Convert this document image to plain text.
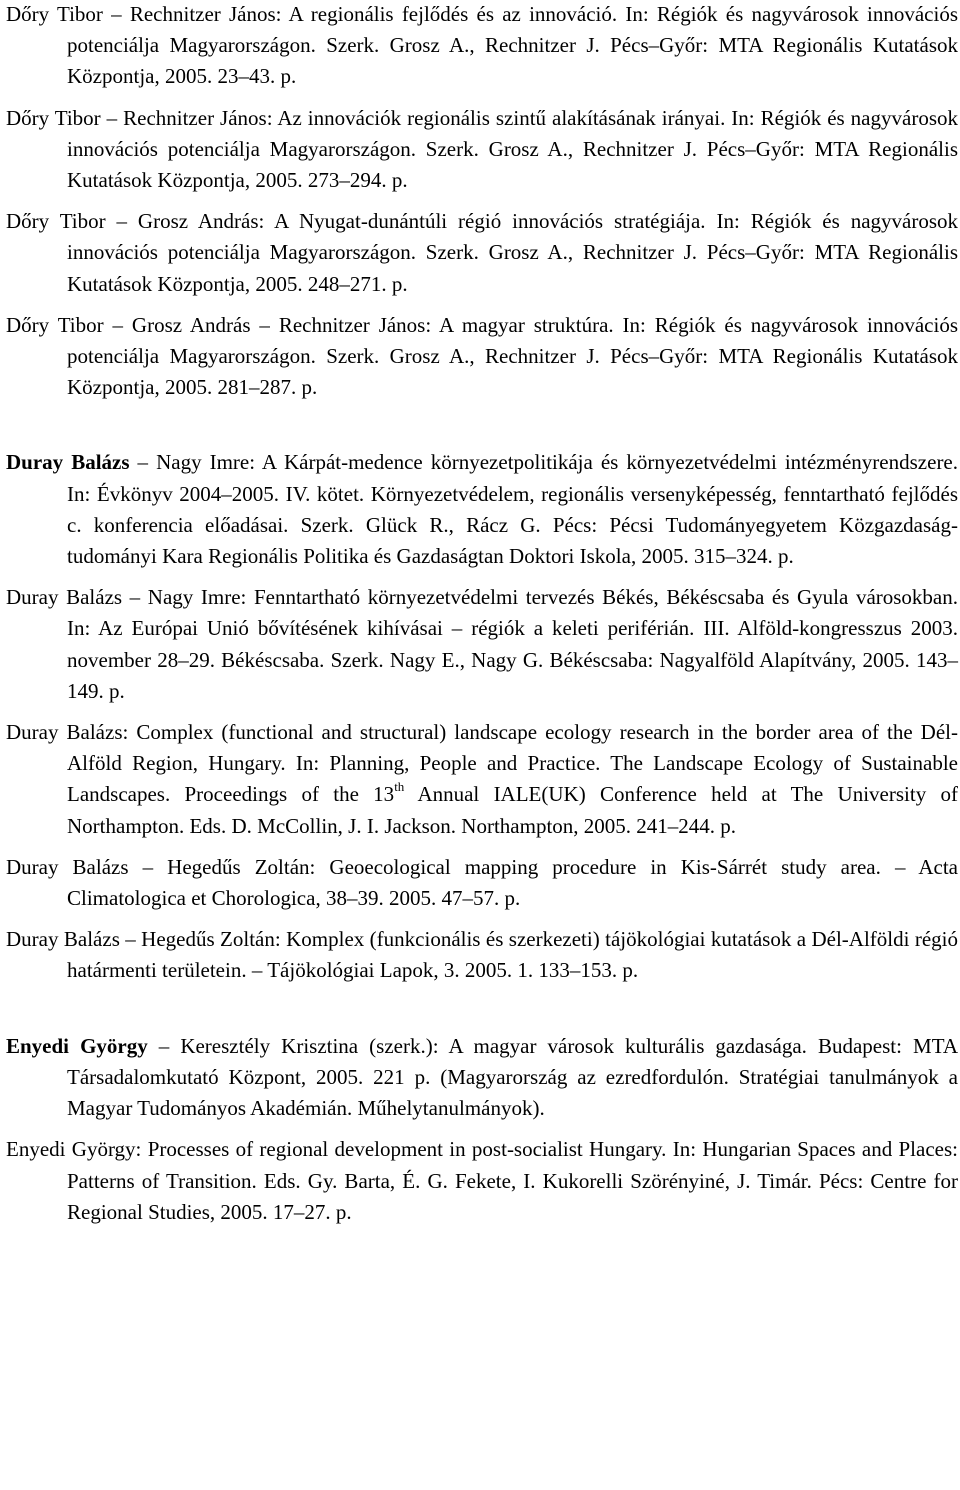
Dőry Tibor – Rechnitzer János: A regionális fejlődés és az innováció. In: Régiók és nagyvárosok innovációs potenciálja Magyarországon. Szerk. Grosz A., Rechnitzer J. Pécs–Győr: MTA Regionális Kutatások Központja, 2005. 23–43. p.

Dőry Tibor – Rechnitzer János: Az innovációk regionális szintű alakításának irányai. In: Régiók és nagyvárosok innovációs potenciálja Magyarországon. Szerk. Grosz A., Rechnitzer J. Pécs–Győr: MTA Regionális Kutatások Központja, 2005. 273–294. p.

Dőry Tibor – Grosz András: A Nyugat-dunántúli régió innovációs stratégiája. In: Régiók és nagyvárosok innovációs potenciálja Magyarországon. Szerk. Grosz A., Rechnitzer J. Pécs–Győr: MTA Regionális Kutatások Központja, 2005. 248–271. p.

Dőry Tibor – Grosz András – Rechnitzer János: A magyar struktúra. In: Régiók és nagyvárosok innovációs potenciálja Magyarországon. Szerk. Grosz A., Rechnitzer J. Pécs–Győr: MTA Regionális Kutatások Központja, 2005. 281–287. p.

Duray Balázs – Nagy Imre: A Kárpát-medence környezetpolitikája és környezetvédelmi intézményrendszere. In: Évkönyv 2004–2005. IV. kötet. Környezetvédelem, regionális versenyképesség, fenntartható fejlődés c. konferencia előadásai. Szerk. Glück R., Rácz G. Pécs: Pécsi Tudományegyetem Közgazdaság-tudományi Kara Regionális Politika és Gazdaságtan Doktori Iskola, 2005. 315–324. p.

Duray Balázs – Nagy Imre: Fenntartható környezetvédelmi tervezés Békés, Békéscsaba és Gyula városokban. In: Az Európai Unió bővítésének kihívásai – régiók a keleti periférián. III. Alföld-kongresszus 2003. november 28–29. Békéscsaba. Szerk. Nagy E., Nagy G. Békéscsaba: Nagyalföld Alapítvány, 2005. 143–149. p.

Duray Balázs: Complex (functional and structural) landscape ecology research in the border area of the Dél-Alföld Region, Hungary. In: Planning, People and Practice. The Landscape Ecology of Sustainable Landscapes. Proceedings of the 13th Annual IALE(UK) Conference held at The University of Northampton. Eds. D. McCollin, J. I. Jackson. Northampton, 2005. 241–244. p.

Duray Balázs – Hegedűs Zoltán: Geoecological mapping procedure in Kis-Sárrét study area. – Acta Climatologica et Chorologica, 38–39. 2005. 47–57. p.

Duray Balázs – Hegedűs Zoltán: Komplex (funkcionális és szerkezeti) tájökológiai kutatások a Dél-Alföldi régió határmenti területein. – Tájökológiai Lapok, 3. 2005. 1. 133–153. p.

Enyedi György – Keresztély Krisztina (szerk.): A magyar városok kulturális gazdasága. Budapest: MTA Társadalomkutató Központ, 2005. 221 p. (Magyarország az ezredfordulón. Stratégiai tanulmányok a Magyar Tudományos Akadémián. Műhelytanulmányok).

Enyedi György: Processes of regional development in post-socialist Hungary. In: Hungarian Spaces and Places: Patterns of Transition. Eds. Gy. Barta, É. G. Fekete, I. Kukorelli Szörényiné, J. Timár. Pécs: Centre for Regional Studies, 2005. 17–27. p.
